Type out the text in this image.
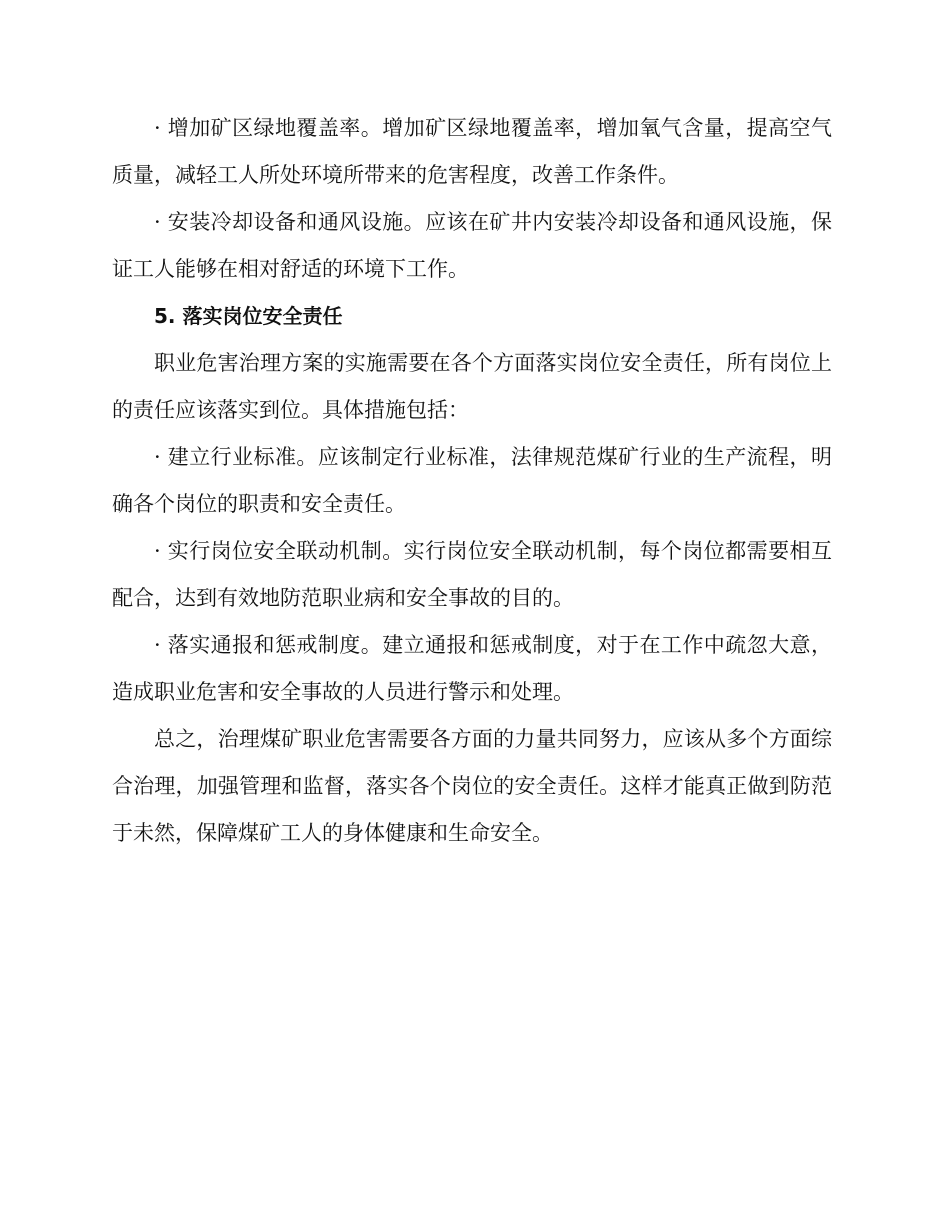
· 增加矿区绿地覆盖率。增加矿区绿地覆盖率，增加氧气含量，提高空气质量，减轻工人所处环境所带来的危害程度，改善工作条件。

· 安装冷却设备和通风设施。应该在矿井内安装冷却设备和通风设施，保证工人能够在相对舒适的环境下工作。

5. 落实岗位安全责任

职业危害治理方案的实施需要在各个方面落实岗位安全责任，所有岗位上的责任应该落实到位。具体措施包括：

· 建立行业标准。应该制定行业标准，法律规范煤矿行业的生产流程，明确各个岗位的职责和安全责任。

· 实行岗位安全联动机制。实行岗位安全联动机制，每个岗位都需要相互配合，达到有效地防范职业病和安全事故的目的。

· 落实通报和惩戒制度。建立通报和惩戒制度，对于在工作中疏忽大意，造成职业危害和安全事故的人员进行警示和处理。

总之，治理煤矿职业危害需要各方面的力量共同努力，应该从多个方面综合治理，加强管理和监督，落实各个岗位的安全责任。这样才能真正做到防范于未然，保障煤矿工人的身体健康和生命安全。
